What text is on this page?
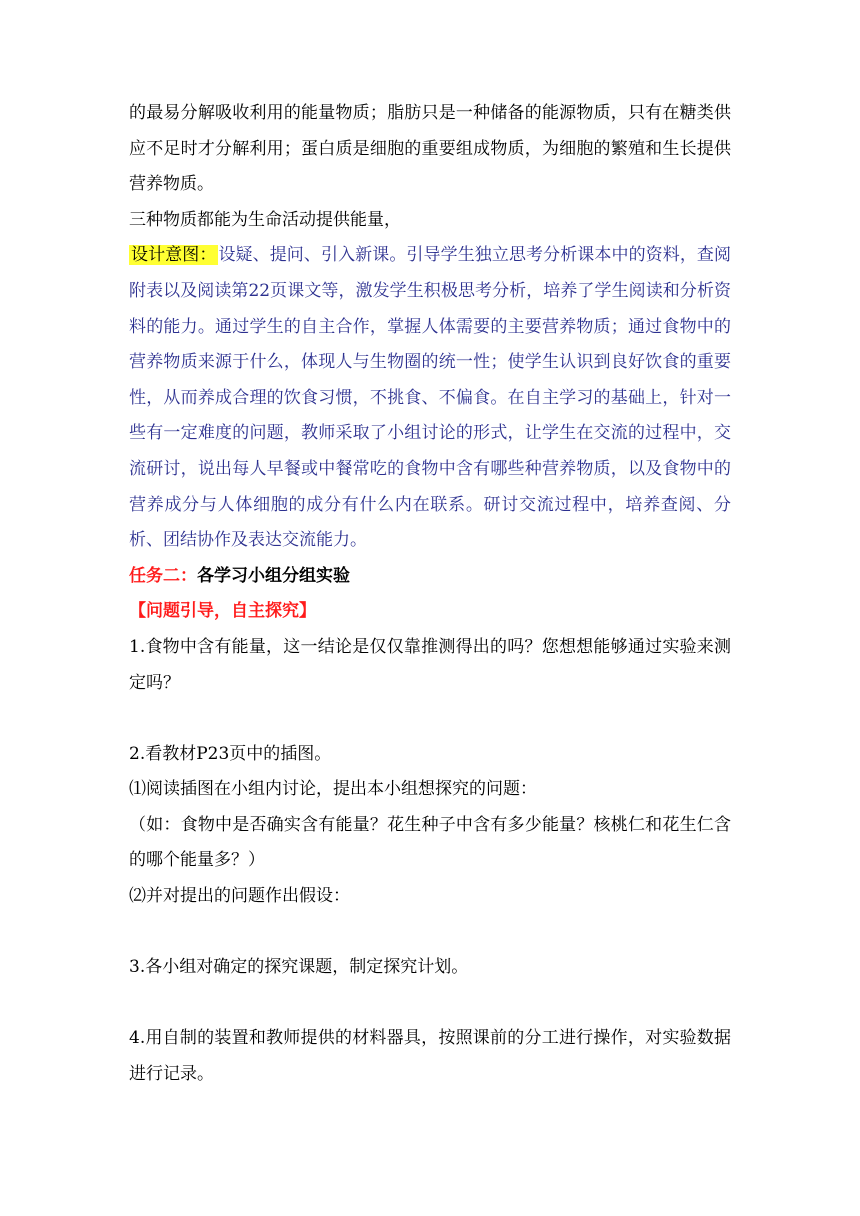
的最易分解吸收利用的能量物质；脂肪只是一种储备的能源物质，只有在糖类供应不足时才分解利用；蛋白质是细胞的重要组成物质，为细胞的繁殖和生长提供营养物质。

三种物质都能为生命活动提供能量，

设计意图： 设疑、提问、引入新课。引导学生独立思考分析课本中的资料，查阅附表以及阅读第22页课文等，激发学生积极思考分析，培养了学生阅读和分析资料的能力。通过学生的自主合作，掌握人体需要的主要营养物质；通过食物中的营养物质来源于什么，体现人与生物圈的统一性；使学生认识到良好饮食的重要性，从而养成合理的饮食习惯，不挑食、不偏食。在自主学习的基础上，针对一些有一定难度的问题，教师采取了小组讨论的形式，让学生在交流的过程中，交流研讨，说出每人早餐或中餐常吃的食物中含有哪些种营养物质，以及食物中的营养成分与人体细胞的成分有什么内在联系。研讨交流过程中，培养查阅、分析、团结协作及表达交流能力。

任务二：各学习小组分组实验

【问题引导，自主探究】

1.食物中含有能量，这一结论是仅仅靠推测得出的吗？您想想能够通过实验来测定吗？

2.看教材P23页中的插图。

⑴阅读插图在小组内讨论，提出本小组想探究的问题：

（如：食物中是否确实含有能量？花生种子中含有多少能量？核桃仁和花生仁含的哪个能量多？）

⑵并对提出的问题作出假设：

3.各小组对确定的探究课题，制定探究计划。

4.用自制的装置和教师提供的材料器具，按照课前的分工进行操作，对实验数据进行记录。
